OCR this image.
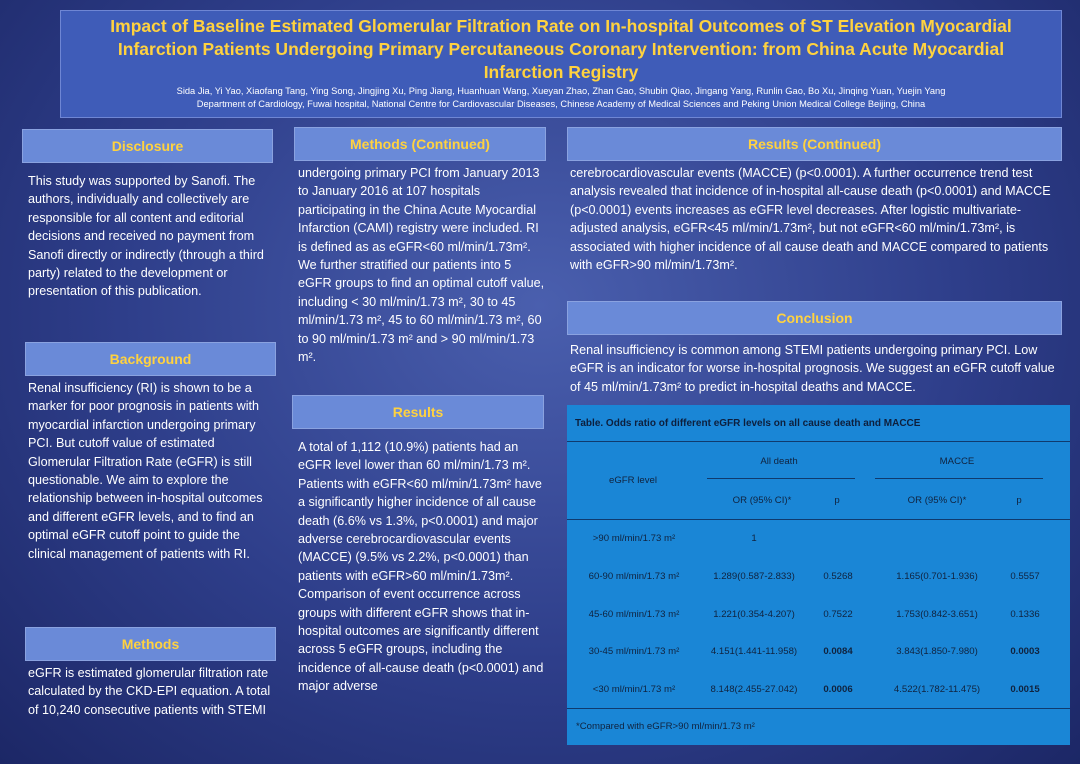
Impact of Baseline Estimated Glomerular Filtration Rate on In-hospital Outcomes of ST Elevation Myocardial Infarction Patients Undergoing Primary Percutaneous Coronary Intervention: from China Acute Myocardial Infarction Registry
Sida Jia, Yi Yao, Xiaofang Tang, Ying Song, Jingjing Xu, Ping Jiang, Huanhuan Wang, Xueyan Zhao, Zhan Gao, Shubin Qiao, Jingang Yang, Runlin Gao, Bo Xu, Jinqing Yuan, Yuejin Yang
Department of Cardiology, Fuwai hospital, National Centre for Cardiovascular Diseases, Chinese Academy of Medical Sciences and Peking Union Medical College Beijing, China
Disclosure

This study was supported by Sanofi. The authors, individually and collectively are responsible for all content and editorial decisions and received no payment from Sanofi directly or indirectly (through a third party) related to the development or presentation of this publication.

Background

Renal insufficiency (RI) is shown to be a marker for poor prognosis in patients with myocardial infarction undergoing primary PCI. But cutoff value of estimated Glomerular Filtration Rate (eGFR) is still questionable. We aim to explore the relationship between in-hospital outcomes and different eGFR levels, and to find an optimal eGFR cutoff point to guide the clinical management of patients with RI.

Methods

eGFR is estimated glomerular filtration rate calculated by the CKD-EPI equation. A total of 10,240 consecutive patients with STEMI

Methods (Continued)

undergoing primary PCI from January 2013 to January 2016 at 107 hospitals participating in the China Acute Myocardial Infarction (CAMI) registry were included. RI is defined as as eGFR<60 ml/min/1.73m². We further stratified our patients into 5 eGFR groups to find an optimal cutoff value, including < 30 ml/min/1.73 m², 30 to 45 ml/min/1.73 m², 45 to 60 ml/min/1.73 m², 60 to 90 ml/min/1.73 m² and > 90 ml/min/1.73 m².

Results

A total of 1,112 (10.9%) patients had an eGFR level lower than 60 ml/min/1.73 m². Patients with eGFR<60 ml/min/1.73m² have a significantly higher incidence of all cause death (6.6% vs 1.3%, p<0.0001) and major adverse cerebrocardiovascular events (MACCE) (9.5% vs 2.2%, p<0.0001) than patients with eGFR>60 ml/min/1.73m². Comparison of event occurrence across groups with different eGFR shows that in-hospital outcomes are significantly different across 5 eGFR groups, including the incidence of all-cause death (p<0.0001) and major adverse

Results (Continued)

cerebrocardiovascular events (MACCE) (p<0.0001). A further occurrence trend test analysis revealed that incidence of in-hospital all-cause death (p<0.0001) and MACCE (p<0.0001) events increases as eGFR level decreases. After logistic multivariate-adjusted analysis, eGFR<45 ml/min/1.73m², but not eGFR<60 ml/min/1.73m², is associated with higher incidence of all cause death and MACCE compared to patients with eGFR>90 ml/min/1.73m².

Conclusion

Renal insufficiency is common among STEMI patients undergoing primary PCI. Low eGFR is an indicator for worse in-hospital prognosis. We suggest an eGFR cutoff value of 45 ml/min/1.73m² to predict in-hospital deaths and MACCE.

Table. Odds ratio of different eGFR levels on all cause death and MACCE
eGFR level
All death	MACCE
OR (95% CI)*	p	OR (95% CI)*	p
>90 ml/min/1.73 m²	1
60-90 ml/min/1.73 m²	1.289(0.587-2.833)	0.5268	1.165(0.701-1.936)	0.5557
45-60 ml/min/1.73 m²	1.221(0.354-4.207)	0.7522	1.753(0.842-3.651)	0.1336
30-45 ml/min/1.73 m²	4.151(1.441-11.958)	0.0084	3.843(1.850-7.980)	0.0003
<30 ml/min/1.73 m²	8.148(2.455-27.042)	0.0006	4.522(1.782-11.475)	0.0015
*Compared with eGFR>90 ml/min/1.73 m²
